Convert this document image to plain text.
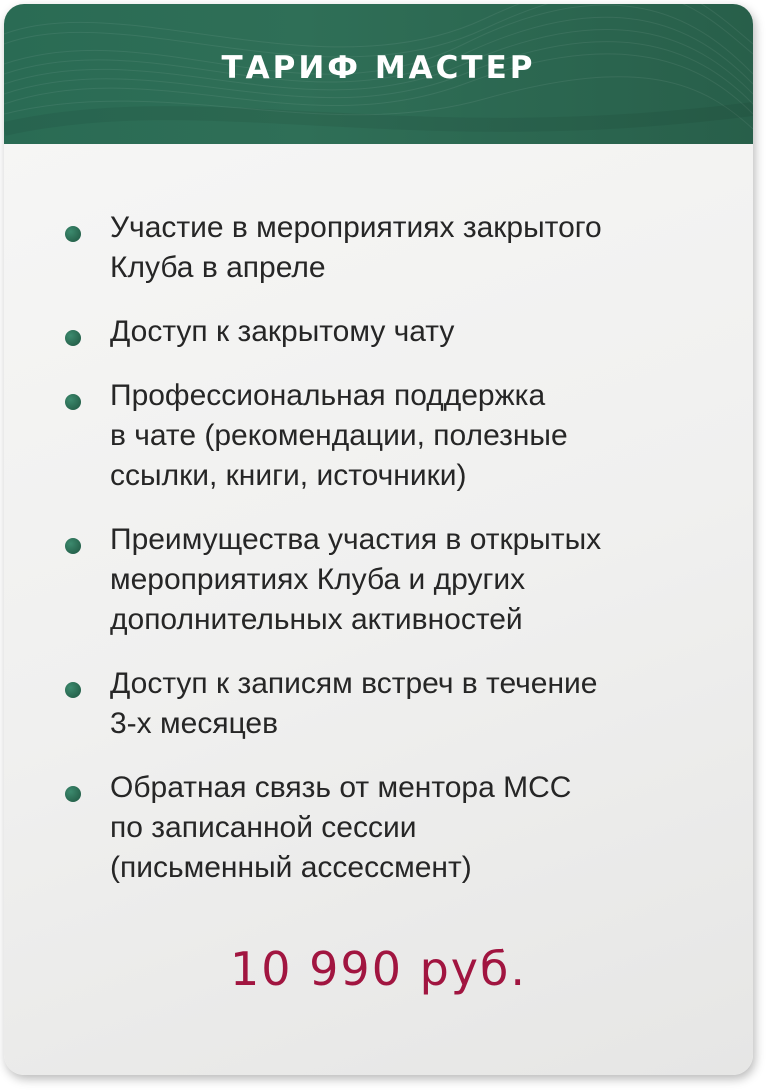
ТАРИФ МАСТЕР
Участие в мероприятиях закрытого
Клуба в апреле
Доступ к закрытому чату
Профессиональная поддержка
в чате (рекомендации, полезные
ссылки, книги, источники)
Преимущества участия в открытых
мероприятиях Клуба и других
дополнительных активностей
Доступ к записям встреч в течение
3-х месяцев
Обратная связь от ментора MCC
по записанной сессии
(письменный ассессмент)
10 990 руб.
